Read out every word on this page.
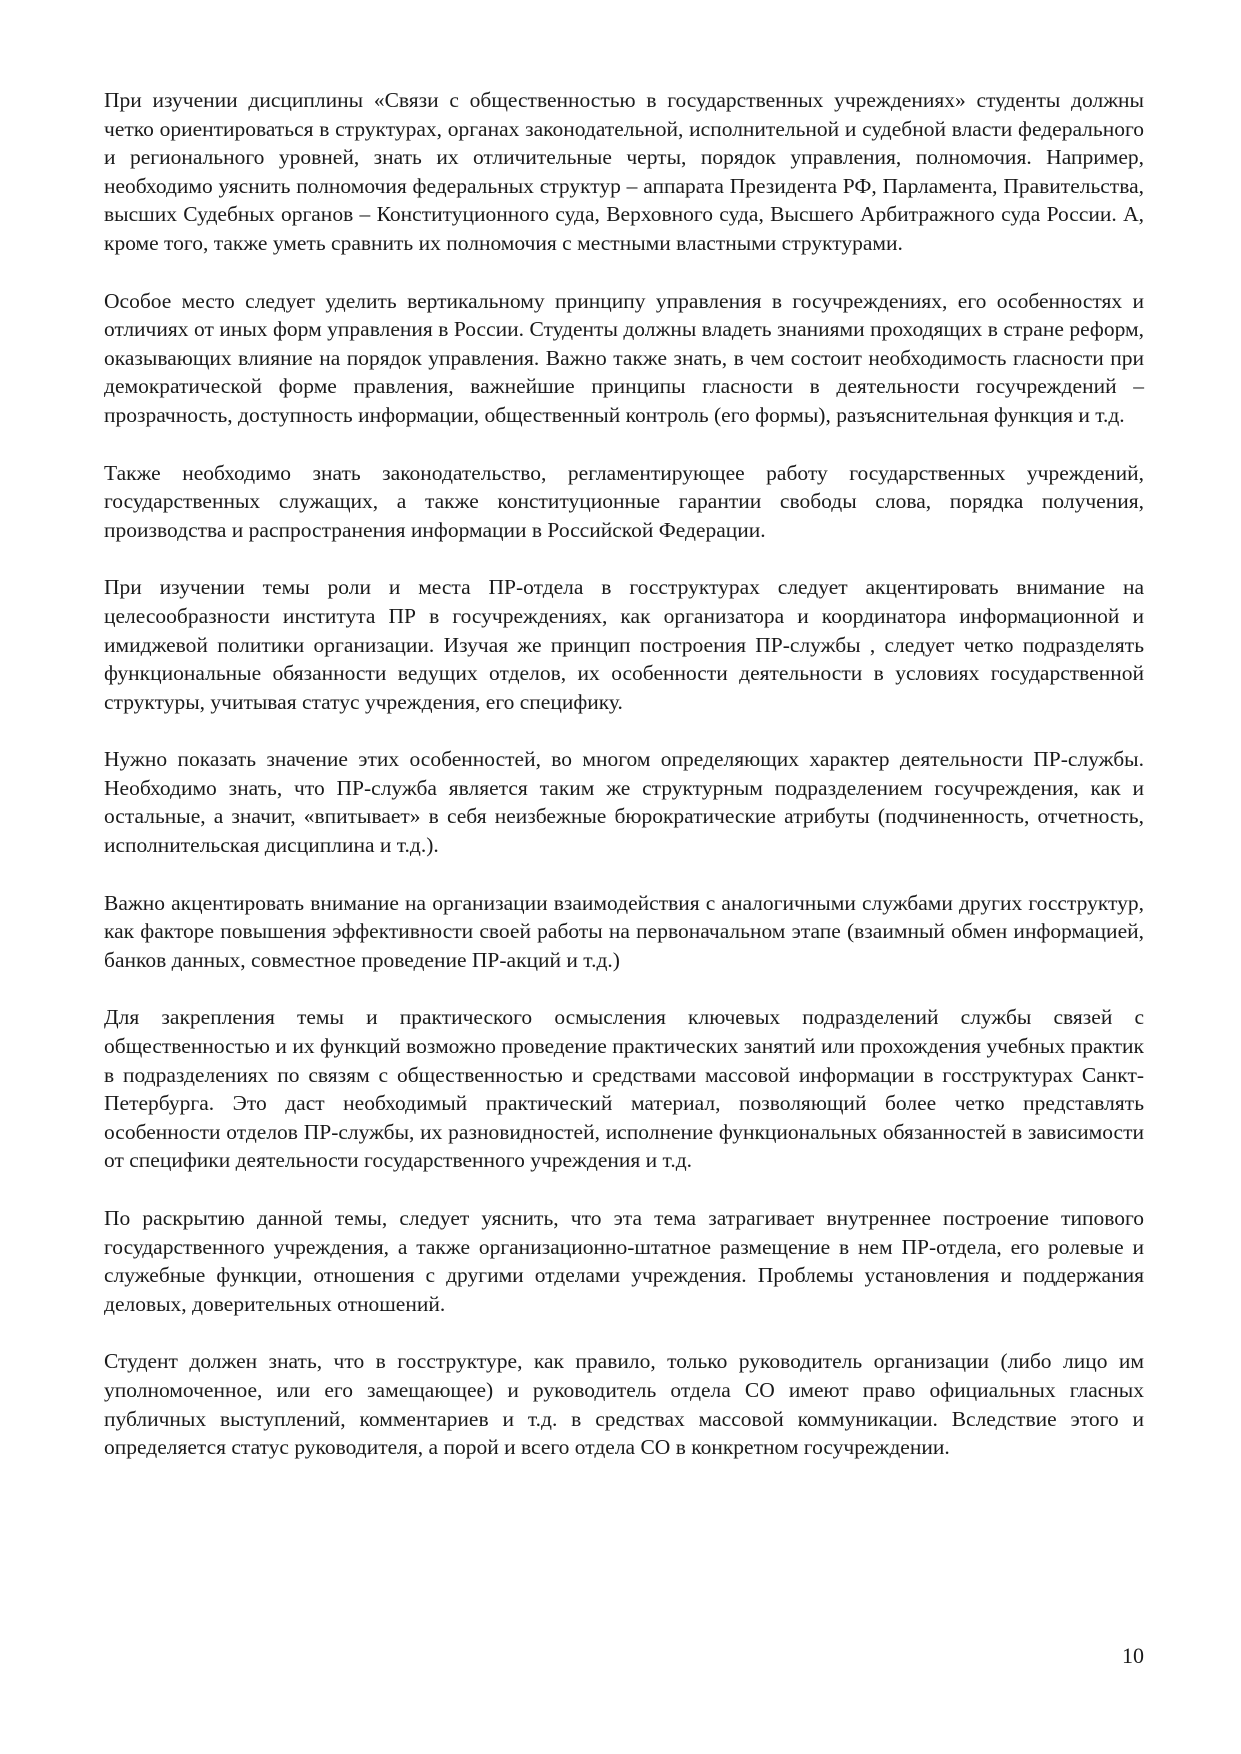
При изучении дисциплины «Связи с общественностью в государственных учреждениях» студенты должны четко ориентироваться в структурах, органах законодательной, исполнительной и судебной власти федерального и регионального уровней, знать их отличительные черты, порядок управления, полномочия. Например, необходимо уяснить полномочия федеральных структур – аппарата Президента РФ, Парламента, Правительства, высших Судебных органов – Конституционного суда, Верховного суда, Высшего Арбитражного суда России. А, кроме того, также уметь сравнить их полномочия с местными властными структурами.

Особое место следует уделить вертикальному принципу управления в госучреждениях, его особенностях и отличиях от иных форм управления в России. Студенты должны владеть знаниями проходящих в стране реформ, оказывающих влияние на порядок управления. Важно также знать, в чем состоит необходимость гласности при демократической форме правления, важнейшие принципы гласности в деятельности госучреждений – прозрачность, доступность информации, общественный контроль (его формы), разъяснительная функция и т.д.

Также необходимо знать законодательство, регламентирующее работу государственных учреждений, государственных служащих, а также конституционные гарантии свободы слова, порядка получения, производства и распространения информации в Российской Федерации.

При изучении темы роли и места ПР-отдела в госструктурах следует акцентировать внимание на целесообразности института ПР в госучреждениях, как организатора и координатора информационной и имиджевой политики организации. Изучая же принцип построения ПР-службы , следует четко подразделять функциональные обязанности ведущих отделов, их особенности деятельности в условиях государственной структуры, учитывая статус учреждения, его специфику.

Нужно показать значение этих особенностей, во многом определяющих характер деятельности ПР-службы. Необходимо знать, что ПР-служба является таким же структурным подразделением госучреждения, как и остальные, а значит, «впитывает» в себя неизбежные бюрократические атрибуты (подчиненность, отчетность, исполнительская дисциплина и т.д.).

Важно акцентировать внимание на организации взаимодействия с аналогичными службами других госструктур, как факторе повышения эффективности своей работы на первоначальном этапе (взаимный обмен информацией, банков данных, совместное проведение ПР-акций и т.д.)

Для закрепления темы и практического осмысления ключевых подразделений службы связей с общественностью и их функций возможно проведение практических занятий или прохождения учебных практик в подразделениях по связям с общественностью и средствами массовой информации в госструктурах Санкт-Петербурга. Это даст необходимый практический материал, позволяющий более четко представлять особенности отделов ПР-службы, их разновидностей, исполнение функциональных обязанностей в зависимости от специфики деятельности государственного учреждения и т.д.

По раскрытию данной темы, следует уяснить, что эта тема затрагивает внутреннее построение типового государственного учреждения, а также организационно-штатное размещение в нем ПР-отдела, его ролевые и служебные функции, отношения с другими отделами учреждения. Проблемы установления и поддержания деловых, доверительных отношений.

Студент должен знать, что в госструктуре, как правило, только руководитель организации (либо лицо им уполномоченное, или его замещающее) и руководитель отдела СО имеют право официальных гласных публичных выступлений, комментариев и т.д. в средствах массовой коммуникации. Вследствие этого и определяется статус руководителя, а порой и всего отдела СО в конкретном госучреждении.

10
